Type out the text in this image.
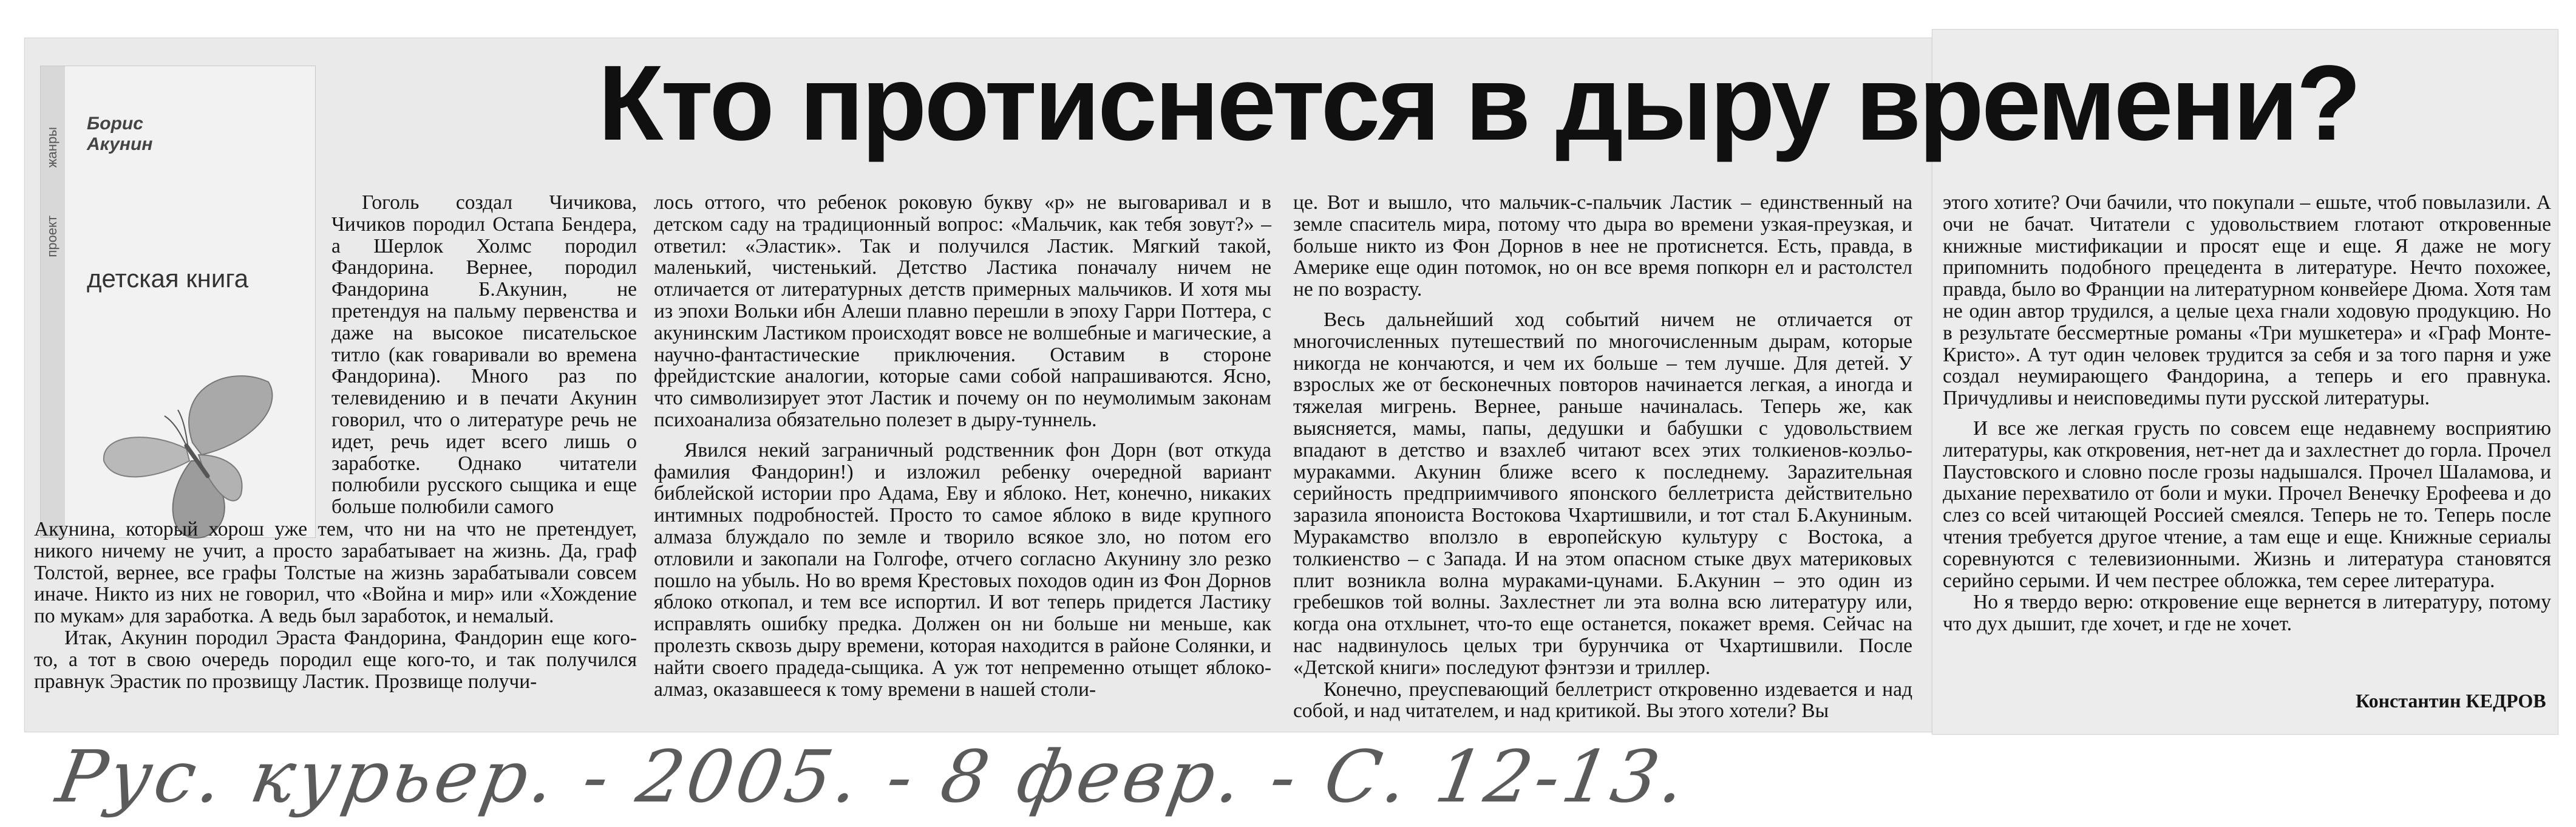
жанры
проект
Борис
Акунин
детская книга
Кто протиснется в дыру времени?

Гоголь создал Чичикова, Чичиков породил Остапа Бендера, а Шерлок Холмс породил Фандорина. Вернее, породил Фандорина Б.Акунин, не претендуя на пальму первенства и даже на высокое писательское титло (как говаривали во времена Фандорина). Много раз по телевидению и в печати Акунин говорил, что о литературе речь не идет, речь идет всего лишь о заработке. Однако читатели полюбили русского сыщика и еще больше полюбили самого

Акунина, который хорош уже тем, что ни на что не претендует, никого ничему не учит, а просто зарабатывает на жизнь. Да, граф Толстой, вернее, все графы Толстые на жизнь зарабатывали совсем иначе. Никто из них не говорил, что «Война и мир» или «Хождение по мукам» для заработка. А ведь был заработок, и немалый.

Итак, Акунин породил Эраста Фандорина, Фандорин еще кого-то, а тот в свою очередь породил еще кого-то, и так получился правнук Эрастик по прозвищу Ластик. Прозвище получи-

лось оттого, что ребенок роковую букву «р» не выговаривал и в детском саду на традиционный вопрос: «Мальчик, как тебя зовут?» – ответил: «Эластик». Так и получился Ластик. Мягкий такой, маленький, чистенький. Детство Ластика поначалу ничем не отличается от литературных детств примерных мальчиков. И хотя мы из эпохи Вольки ибн Алеши плавно перешли в эпоху Гарри Поттера, с акунинским Ластиком происходят вовсе не волшебные и магические, а научно-фантастические приключения. Оставим в стороне фрейдистские аналогии, которые сами собой напрашиваются. Ясно, что символизирует этот Ластик и почему он по неумолимым законам психоанализа обязательно полезет в дыру-туннель.

Явился некий заграничный родственник фон Дорн (вот откуда фамилия Фандорин!) и изложил ребенку очередной вариант библейской истории про Адама, Еву и яблоко. Нет, конечно, никаких интимных подробностей. Просто то самое яблоко в виде крупного алмаза блуждало по земле и творило всякое зло, но потом его отловили и закопали на Голгофе, отчего согласно Акунину зло резко пошло на убыль. Но во время Крестовых походов один из Фон Дорнов яблоко откопал, и тем все испортил. И вот теперь придется Ластику исправлять ошибку предка. Должен он ни больше ни меньше, как пролезть сквозь дыру времени, которая находится в районе Солянки, и найти своего прадеда-сыщика. А уж тот непременно отыщет яблоко-алмаз, оказавшееся к тому времени в нашей столи-

це. Вот и вышло, что мальчик-с-пальчик Ластик – единственный на земле спаситель мира, потому что дыра во времени узкая-преузкая, и больше никто из Фон Дорнов в нее не протиснется. Есть, правда, в Америке еще один потомок, но он все время попкорн ел и растолстел не по возрасту.

Весь дальнейший ход событий ничем не отличается от многочисленных путешествий по многочисленным дырам, которые никогда не кончаются, и чем их больше – тем лучше. Для детей. У взрослых же от бесконечных повторов начинается легкая, а иногда и тяжелая мигрень. Вернее, раньше начиналась. Теперь же, как выясняется, мамы, папы, дедушки и бабушки с удовольствием впадают в детство и взахлеб читают всех этих толкиенов-коэльо-муракамми. Акунин ближе всего к последнему. Зарazительная серийность предприимчивого японского беллетриста действительно заразила японоиста Востокова Чхартишвили, и тот стал Б.Акуниным. Муракамство вползло в европейскую культуру с Востока, а толкиенство – с Запада. И на этом опасном стыке двух материковых плит возникла волна мураками-цунами. Б.Акунин – это один из гребешков той волны. Захлестнет ли эта волна всю литературу или, когда она отхлынет, что-то еще останется, покажет время. Сейчас на нас надвинулось целых три бурунчика от Чхартишвили. После «Детской книги» последуют фэнтэзи и триллер.

Конечно, преуспевающий беллетрист откровенно издевается и над собой, и над читателем, и над критикой. Вы этого хотели? Вы

этого хотите? Очи бачили, что покупали – ешьте, чтоб повылазили. А очи не бачат. Читатели с удовольствием глотают откровенные книжные мистификации и просят еще и еще. Я даже не могу припомнить подобного прецедента в литературе. Нечто похожее, правда, было во Франции на литературном конвейере Дюма. Хотя там не один автор трудился, а целые цеха гнали ходовую продукцию. Но в результате бессмертные романы «Три мушкетера» и «Граф Монте-Кристо». А тут один человек трудится за себя и за того парня и уже создал неумирающего Фандорина, а теперь и его правнука. Причудливы и неисповедимы пути русской литературы.

И все же легкая грусть по совсем еще недавнему восприятию литературы, как откровения, нет-нет да и захлестнет до горла. Прочел Паустовского и словно после грозы надышался. Прочел Шаламова, и дыхание перехватило от боли и муки. Прочел Венечку Ерофеева и до слез со всей читающей Россией смеялся. Теперь не то. Теперь после чтения требуется другое чтение, а там еще и еще. Книжные сериалы соревнуются с телевизионными. Жизнь и литература становятся серийно серыми. И чем пестрее обложка, тем серее литература.

Но я твердо верю: откровение еще вернется в литературу, потому что дух дышит, где хочет, и где не хочет.

Константин КЕДРОВ
Рус. курьер. - 2005. - 8 февр. - С. 12-13.
